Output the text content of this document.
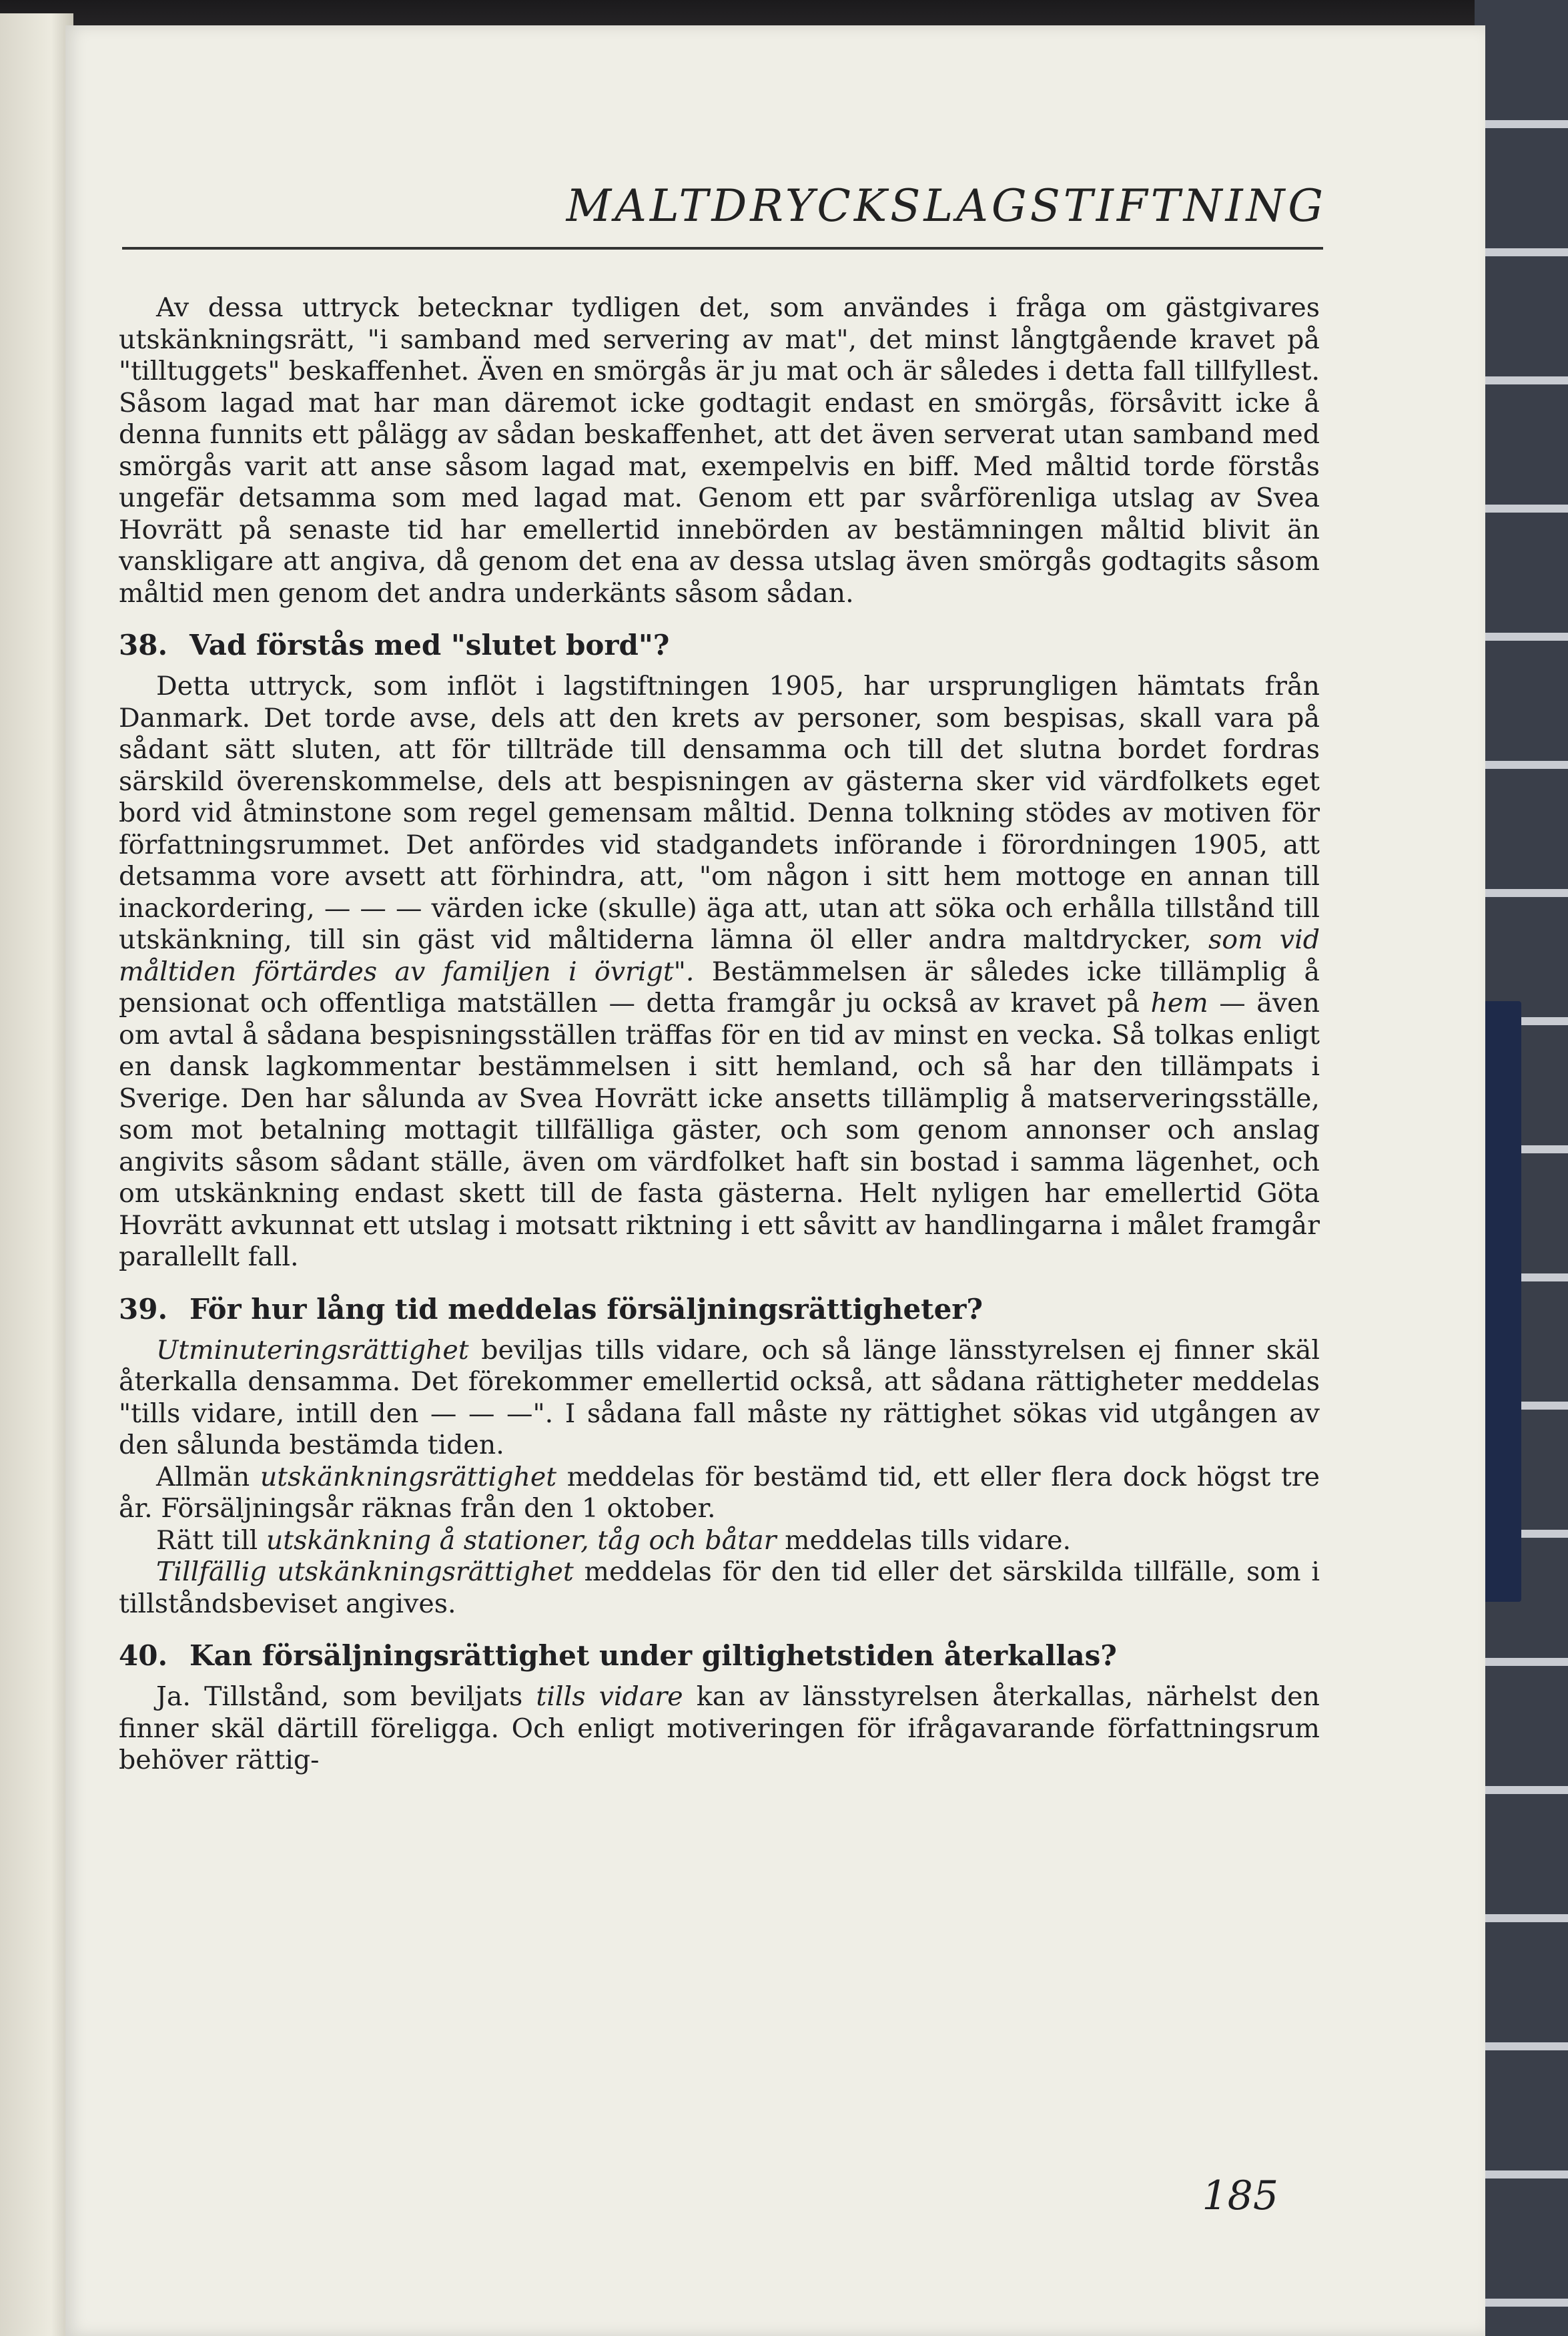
MALTDRYCKSLAGSTIFTNING

Av dessa uttryck betecknar tydligen det, som användes i fråga om gästgivares utskänkningsrätt, "i samband med servering av mat", det minst långtgående kravet på "tilltuggets" beskaffenhet. Även en smörgås är ju mat och är således i detta fall tillfyllest. Såsom lagad mat har man däremot icke godtagit endast en smörgås, försåvitt icke å denna funnits ett pålägg av sådan beskaffenhet, att det även serverat utan samband med smörgås varit att anse såsom lagad mat, exempelvis en biff. Med måltid torde förstås ungefär detsamma som med lagad mat. Genom ett par svårförenliga utslag av Svea Hovrätt på senaste tid har emellertid innebörden av bestämningen måltid blivit än vanskligare att angiva, då genom det ena av dessa utslag även smörgås godtagits såsom måltid men genom det andra underkänts såsom sådan.

38. Vad förstås med "slutet bord"?

Detta uttryck, som inflöt i lagstiftningen 1905, har ursprungligen hämtats från Danmark. Det torde avse, dels att den krets av personer, som bespisas, skall vara på sådant sätt sluten, att för tillträde till densamma och till det slutna bordet fordras särskild överenskommelse, dels att bespisningen av gästerna sker vid värdfolkets eget bord vid åtminstone som regel gemensam måltid. Denna tolkning stödes av motiven för författningsrummet. Det anfördes vid stadgandets införande i förordningen 1905, att detsamma vore avsett att förhindra, att, "om någon i sitt hem mottoge en annan till inackordering, — — — värden icke (skulle) äga att, utan att söka och erhålla tillstånd till utskänkning, till sin gäst vid måltiderna lämna öl eller andra maltdrycker, som vid måltiden förtärdes av familjen i övrigt". Bestämmelsen är således icke tillämplig å pensionat och offentliga matställen — detta framgår ju också av kravet på hem — även om avtal å sådana bespisningsställen träffas för en tid av minst en vecka. Så tolkas enligt en dansk lagkommentar bestämmelsen i sitt hemland, och så har den tillämpats i Sverige. Den har sålunda av Svea Hovrätt icke ansetts tillämplig å matserveringsställe, som mot betalning mottagit tillfälliga gäster, och som genom annonser och anslag angivits såsom sådant ställe, även om värdfolket haft sin bostad i samma lägenhet, och om utskänkning endast skett till de fasta gästerna. Helt nyligen har emellertid Göta Hovrätt avkunnat ett utslag i motsatt riktning i ett såvitt av handlingarna i målet framgår parallellt fall.

39. För hur lång tid meddelas försäljningsrättigheter?

Utminuteringsrättighet beviljas tills vidare, och så länge länsstyrelsen ej finner skäl återkalla densamma. Det förekommer emellertid också, att sådana rättigheter meddelas "tills vidare, intill den — — —". I sådana fall måste ny rättighet sökas vid utgången av den sålunda bestämda tiden.

Allmän utskänkningsrättighet meddelas för bestämd tid, ett eller flera dock högst tre år. Försäljningsår räknas från den 1 oktober.

Rätt till utskänkning å stationer, tåg och båtar meddelas tills vidare.

Tillfällig utskänkningsrättighet meddelas för den tid eller det särskilda tillfälle, som i tillståndsbeviset angives.

40. Kan försäljningsrättighet under giltighetstiden återkallas?

Ja. Tillstånd, som beviljats tills vidare kan av länsstyrelsen återkallas, närhelst den finner skäl därtill föreligga. Och enligt motiveringen för ifrågavarande författningsrum behöver rättig-

185
